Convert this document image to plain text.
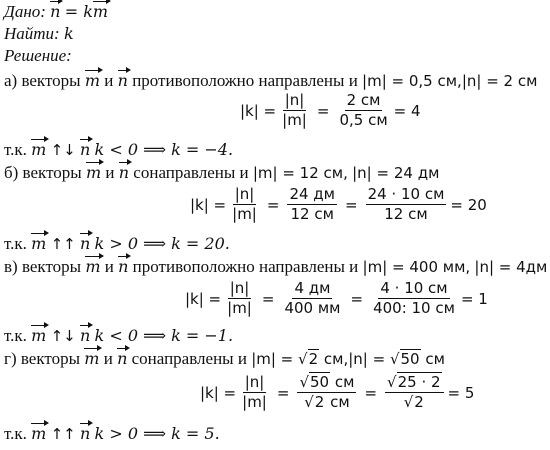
Дано: n = km
Найти: k
Решение:
а) векторы m и n противоположно направлены и |m| = 0,5 см,|n| = 2 см
$|k| = \frac{|n|}{|m|} = \frac{2 см}{0,5 см} = 4$
т.к. m ↑↓ n k < 0 ⟹ k = −4.
б) векторы m и n сонаправлены и |m| = 12 см, |n| = 24 дм
$|k| = \frac{|n|}{|m|} = \frac{24 дм}{12 см} = \frac{24 \cdot 10 см}{12 см} = 20$
т.к. m ↑↑ n k > 0 ⟹ k = 20.
в) векторы m и n противоположно направлены и |m| = 400 мм, |n| = 4дм
$|k| = \frac{|n|}{|m|} = \frac{4 дм}{400 мм} = \frac{4 \cdot 10 см}{400: 10 см} = 1$
т.к. m ↑↓ n k < 0 ⟹ k = −1.
г) векторы m и n сонаправлены и |m| = √2 см,|n| = √50 см
$|k| = \frac{|n|}{|m|} = \frac{√50 см}{√2 см} = \frac{√25 \cdot 2}{√2} = 5$
т.к. m ↑↑ n k > 0 ⟹ k = 5.
